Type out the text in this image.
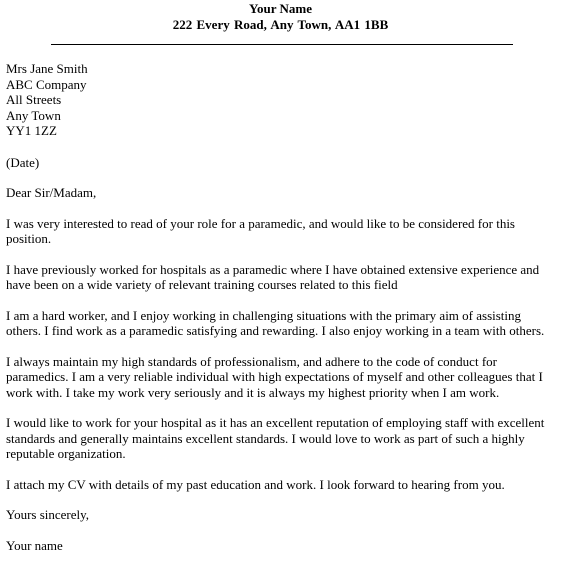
Your Name
222 Every Road, Any Town, AA1 1BB
Mrs Jane Smith
ABC Company
All Streets
Any Town
YY1 1ZZ
(Date)
Dear Sir/Madam,

I was very interested to read of your role for a paramedic, and would like to be considered for this position.

I have previously worked for hospitals as a paramedic where I have obtained extensive experience and have been on a wide variety of relevant training courses related to this field

I am a hard worker, and I enjoy working in challenging situations with the primary aim of assisting others. I find work as a paramedic satisfying and rewarding. I also enjoy working in a team with others.

I always maintain my high standards of professionalism, and adhere to the code of conduct for paramedics. I am a very reliable individual with high expectations of myself and other colleagues that I work with. I take my work very seriously and it is always my highest priority when I am work.

I would like to work for your hospital as it has an excellent reputation of employing staff with excellent standards and generally maintains excellent standards. I would love to work as part of such a highly reputable organization.

I attach my CV with details of my past education and work. I look forward to hearing from you.

Yours sincerely,
Your name
